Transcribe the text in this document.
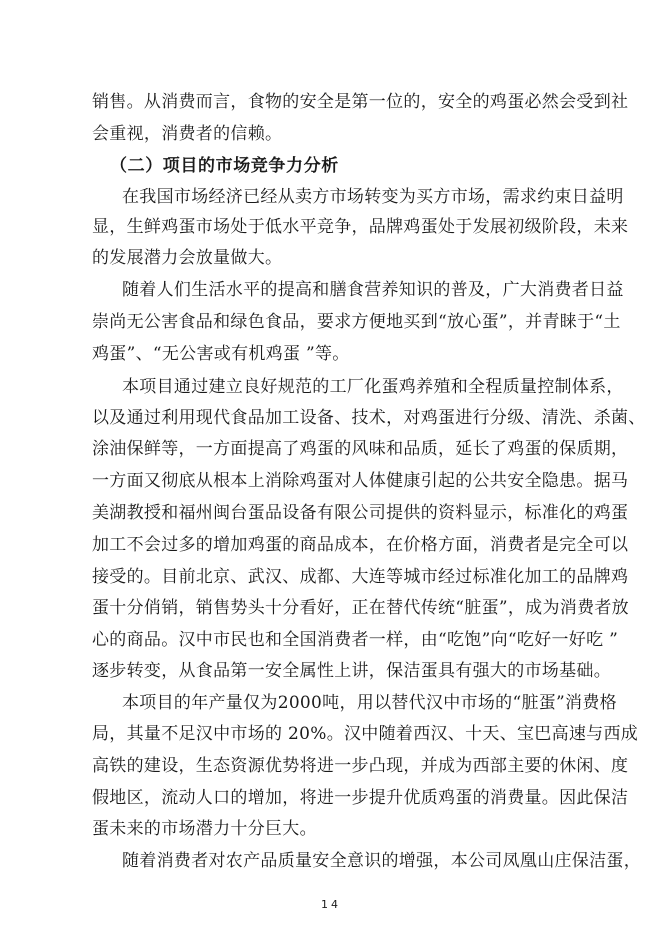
销售。从消费而言，食物的安全是第一位的，安全的鸡蛋必然会受到社
会重视，消费者的信赖。
（二）项目的市场竞争力分析
在我国市场经济已经从卖方市场转变为买方市场，需求约束日益明
显，生鲜鸡蛋市场处于低水平竞争，品牌鸡蛋处于发展初级阶段，未来
的发展潜力会放量做大。
随着人们生活水平的提高和膳食营养知识的普及，广大消费者日益
崇尚无公害食品和绿色食品，要求方便地买到“放心蛋”，并青睐于“土
鸡蛋”、“无公害或有机鸡蛋 ”等。
本项目通过建立良好规范的工厂化蛋鸡养殖和全程质量控制体系，
以及通过利用现代食品加工设备、技术，对鸡蛋进行分级、清洗、杀菌、
涂油保鲜等，一方面提高了鸡蛋的风味和品质，延长了鸡蛋的保质期，
一方面又彻底从根本上消除鸡蛋对人体健康引起的公共安全隐患。据马
美湖教授和福州闽台蛋品设备有限公司提供的资料显示，标准化的鸡蛋
加工不会过多的增加鸡蛋的商品成本，在价格方面，消费者是完全可以
接受的。目前北京、武汉、成都、大连等城市经过标准化加工的品牌鸡
蛋十分俏销，销售势头十分看好，正在替代传统“脏蛋”，成为消费者放
心的商品。汉中市民也和全国消费者一样，由“吃饱”向“吃好一好吃 ”
逐步转变，从食品第一安全属性上讲，保洁蛋具有强大的市场基础。
本项目的年产量仅为2000吨，用以替代汉中市场的“脏蛋”消费格
局，其量不足汉中市场的 20%。汉中随着西汉、十天、宝巴高速与西成
高铁的建设，生态资源优势将进一步凸现，并成为西部主要的休闲、度
假地区，流动人口的增加，将进一步提升优质鸡蛋的消费量。因此保洁
蛋未来的市场潜力十分巨大。
随着消费者对农产品质量安全意识的增强，本公司凤凰山庄保洁蛋，
14
